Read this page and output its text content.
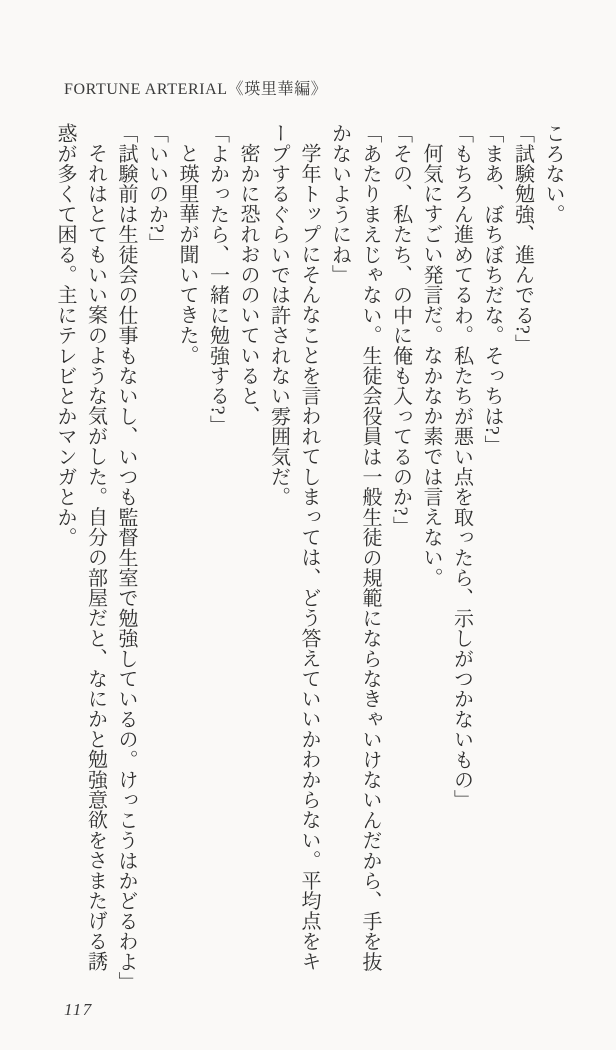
FORTUNE ARTERIAL《瑛里華編》

ころない。

「試験勉強、進んでる?」

「まあ、ぼちぼちだな。そっちは?」

「もちろん進めてるわ。私たちが悪い点を取ったら、示しがつかないもの」

何気にすごい発言だ。なかなか素では言えない。

「その、私たち、の中に俺も入ってるのか?」

「あたりまえじゃない。生徒会役員は一般生徒の規範にならなきゃいけないんだから、手を抜

かないようにね」

学年トップにそんなことを言われてしまっては、どう答えていいかわからない。平均点をキ

ープするぐらいでは許されない雰囲気だ。

密かに恐れおののいていると、

「よかったら、一緒に勉強する?」

と瑛里華が聞いてきた。

「いいのか?」

「試験前は生徒会の仕事もないし、いつも監督生室で勉強しているの。けっこうはかどるわよ」

それはとてもいい案のような気がした。自分の部屋だと、なにかと勉強意欲をさまたげる誘

惑が多くて困る。主にテレビとかマンガとか。

117
